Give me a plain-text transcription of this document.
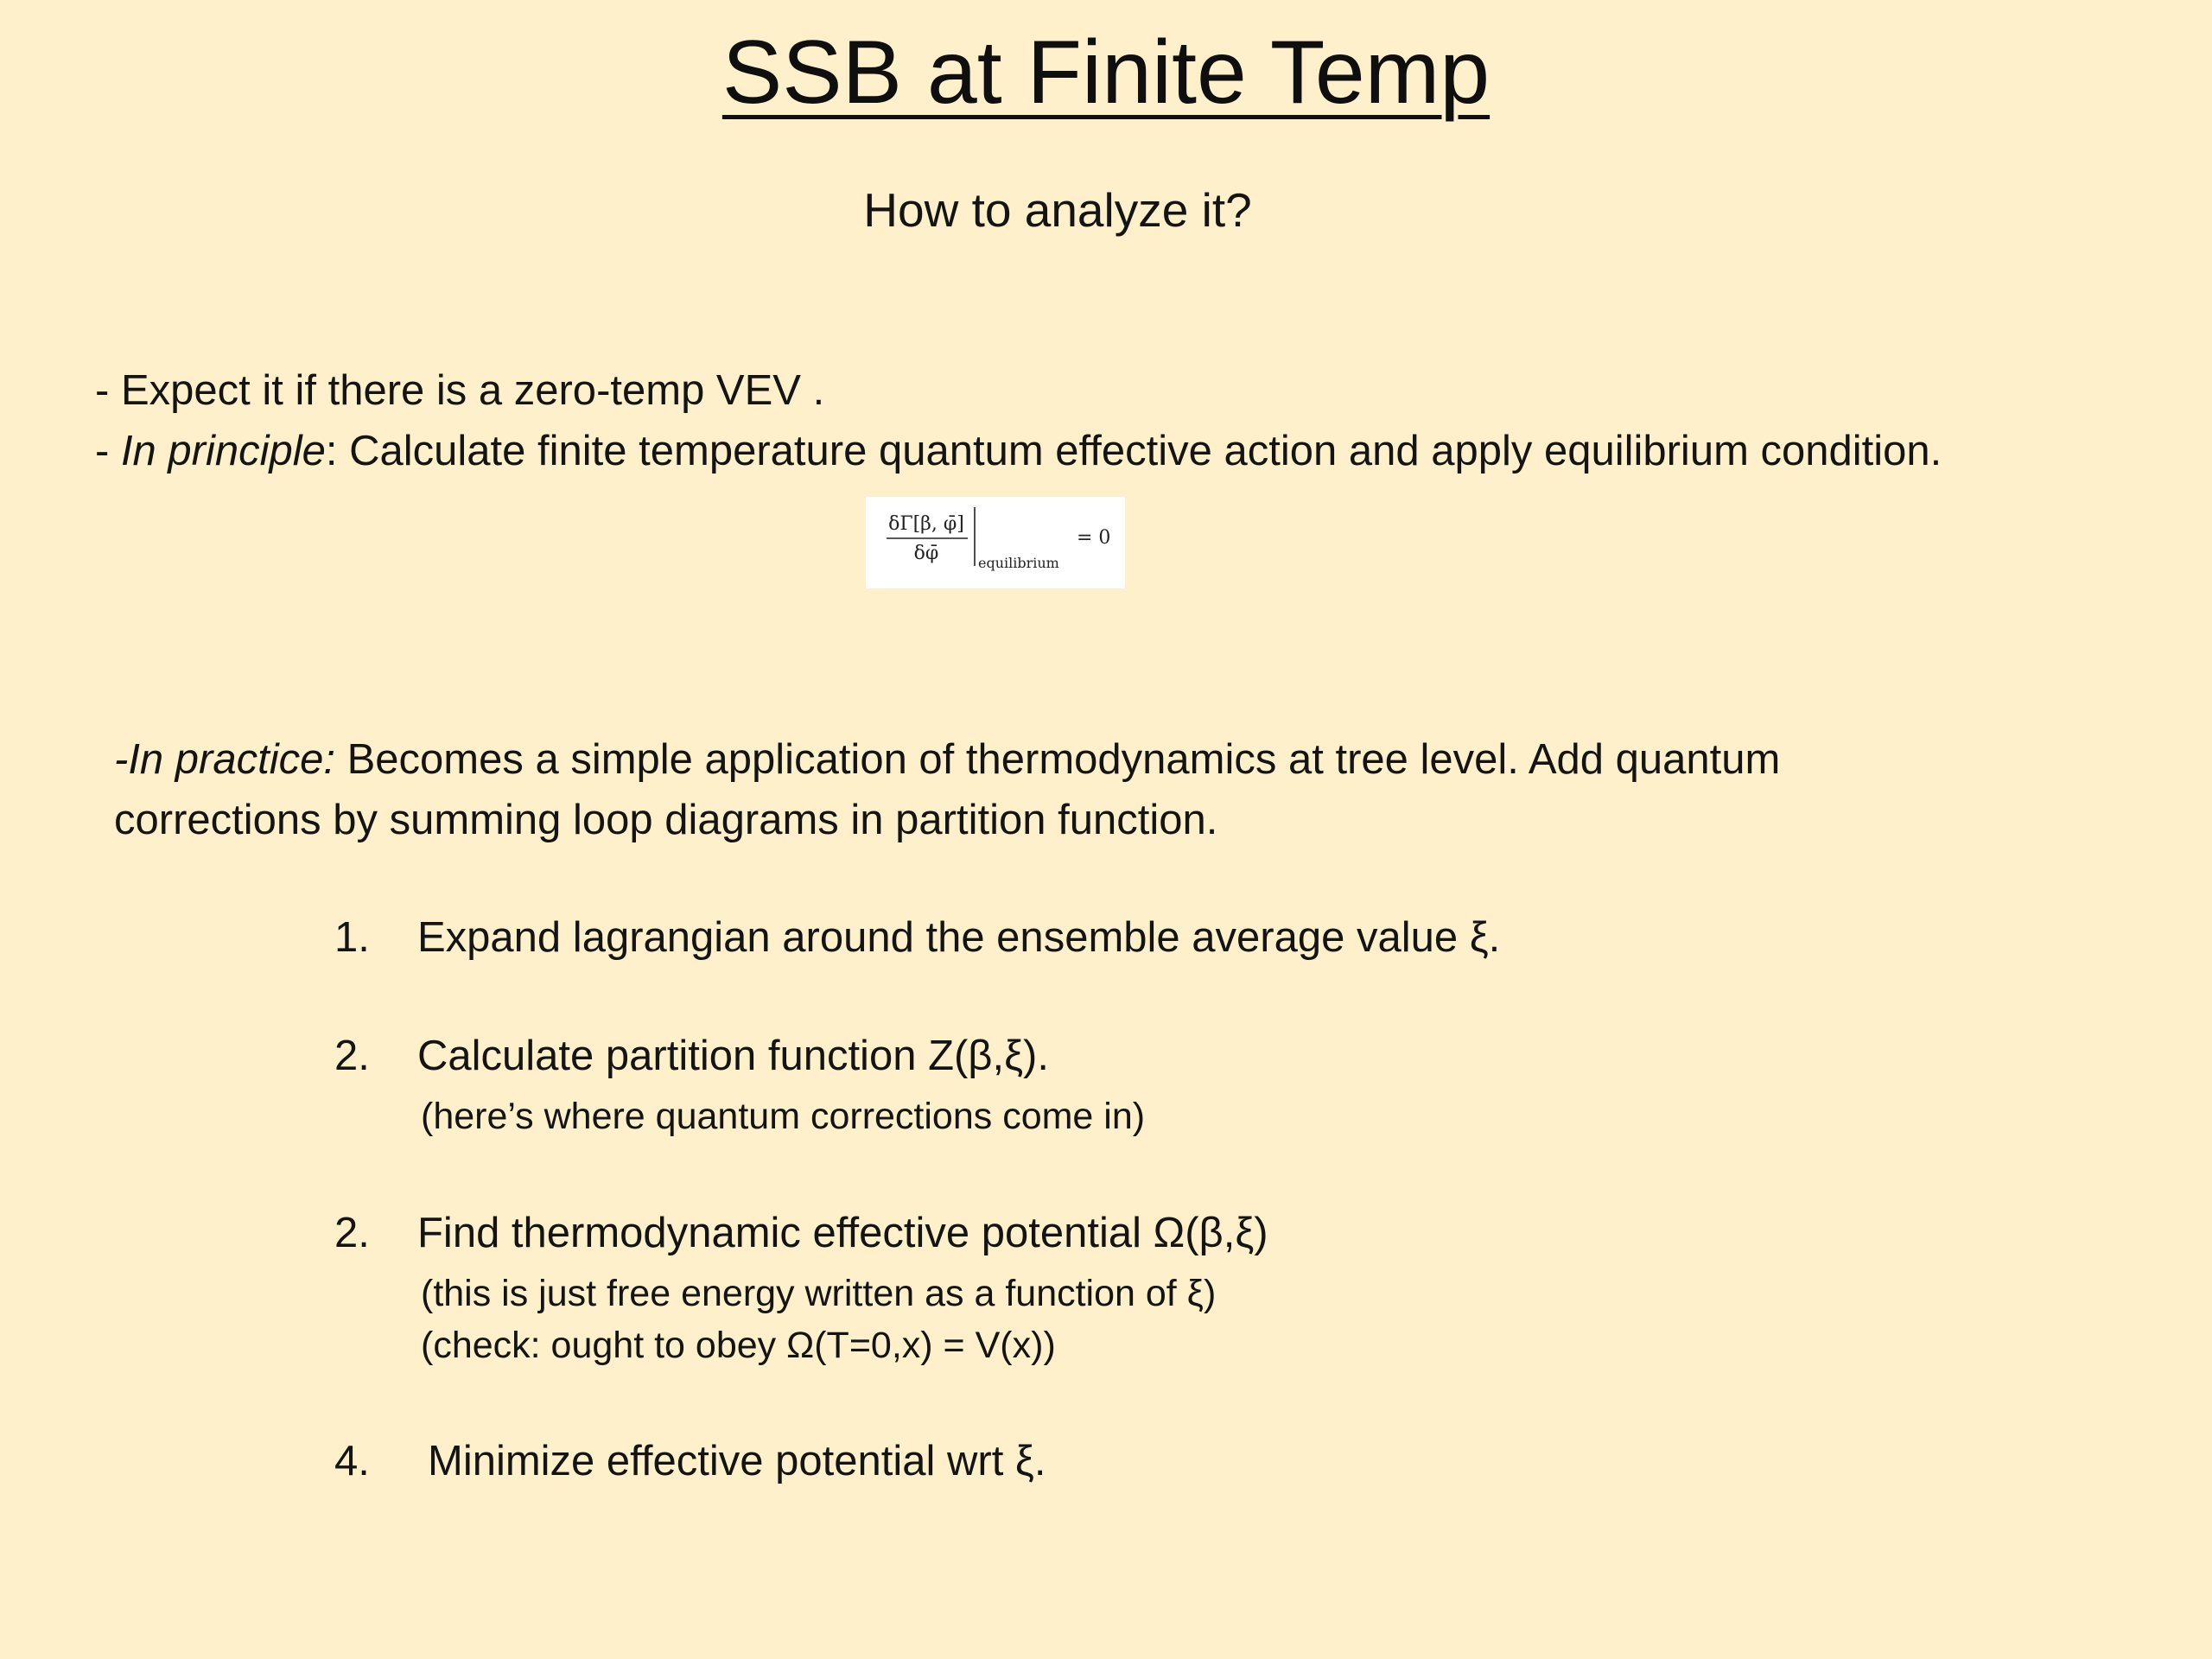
SSB at Finite Temp
How to analyze it?
- Expect it if there is a zero-temp VEV .
- In principle: Calculate finite temperature quantum effective action and apply equilibrium condition.
δΓ[β, φ̄]
δφ̄	equilibrium
= 0
-In practice: Becomes a simple application of thermodynamics at tree level. Add quantum
corrections by summing loop diagrams in partition function.
1. Expand lagrangian around the ensemble average value ξ.
2. Calculate partition function Z(β,ξ).
(here’s where quantum corrections come in)
2. Find thermodynamic effective potential Ω(β,ξ)
(this is just free energy written as a function of ξ)
(check: ought to obey Ω(T=0,x) = V(x))
4. Minimize effective potential wrt ξ.
